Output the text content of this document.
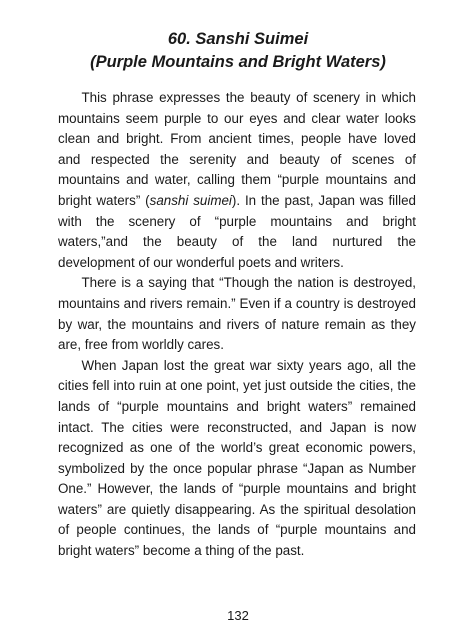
60. Sanshi Suimei
(Purple Mountains and Bright Waters)

This phrase expresses the beauty of scenery in which mountains seem purple to our eyes and clear water looks clean and bright. From ancient times, people have loved and respected the serenity and beauty of scenes of mountains and water, calling them “purple mountains and bright waters” (sanshi suimei). In the past, Japan was filled with the scenery of “purple mountains and bright waters,”and the beauty of the land nurtured the development of our wonderful poets and writers.

There is a saying that “Though the nation is destroyed, mountains and rivers remain.” Even if a country is destroyed by war, the mountains and rivers of nature remain as they are, free from worldly cares.

When Japan lost the great war sixty years ago, all the cities fell into ruin at one point, yet just outside the cities, the lands of “purple mountains and bright waters” remained intact. The cities were reconstructed, and Japan is now recognized as one of the world’s great economic powers, symbolized by the once popular phrase “Japan as Number One.” However, the lands of “purple mountains and bright waters” are quietly disappearing. As the spiritual desolation of people continues, the lands of “purple mountains and bright waters” become a thing of the past.

132
